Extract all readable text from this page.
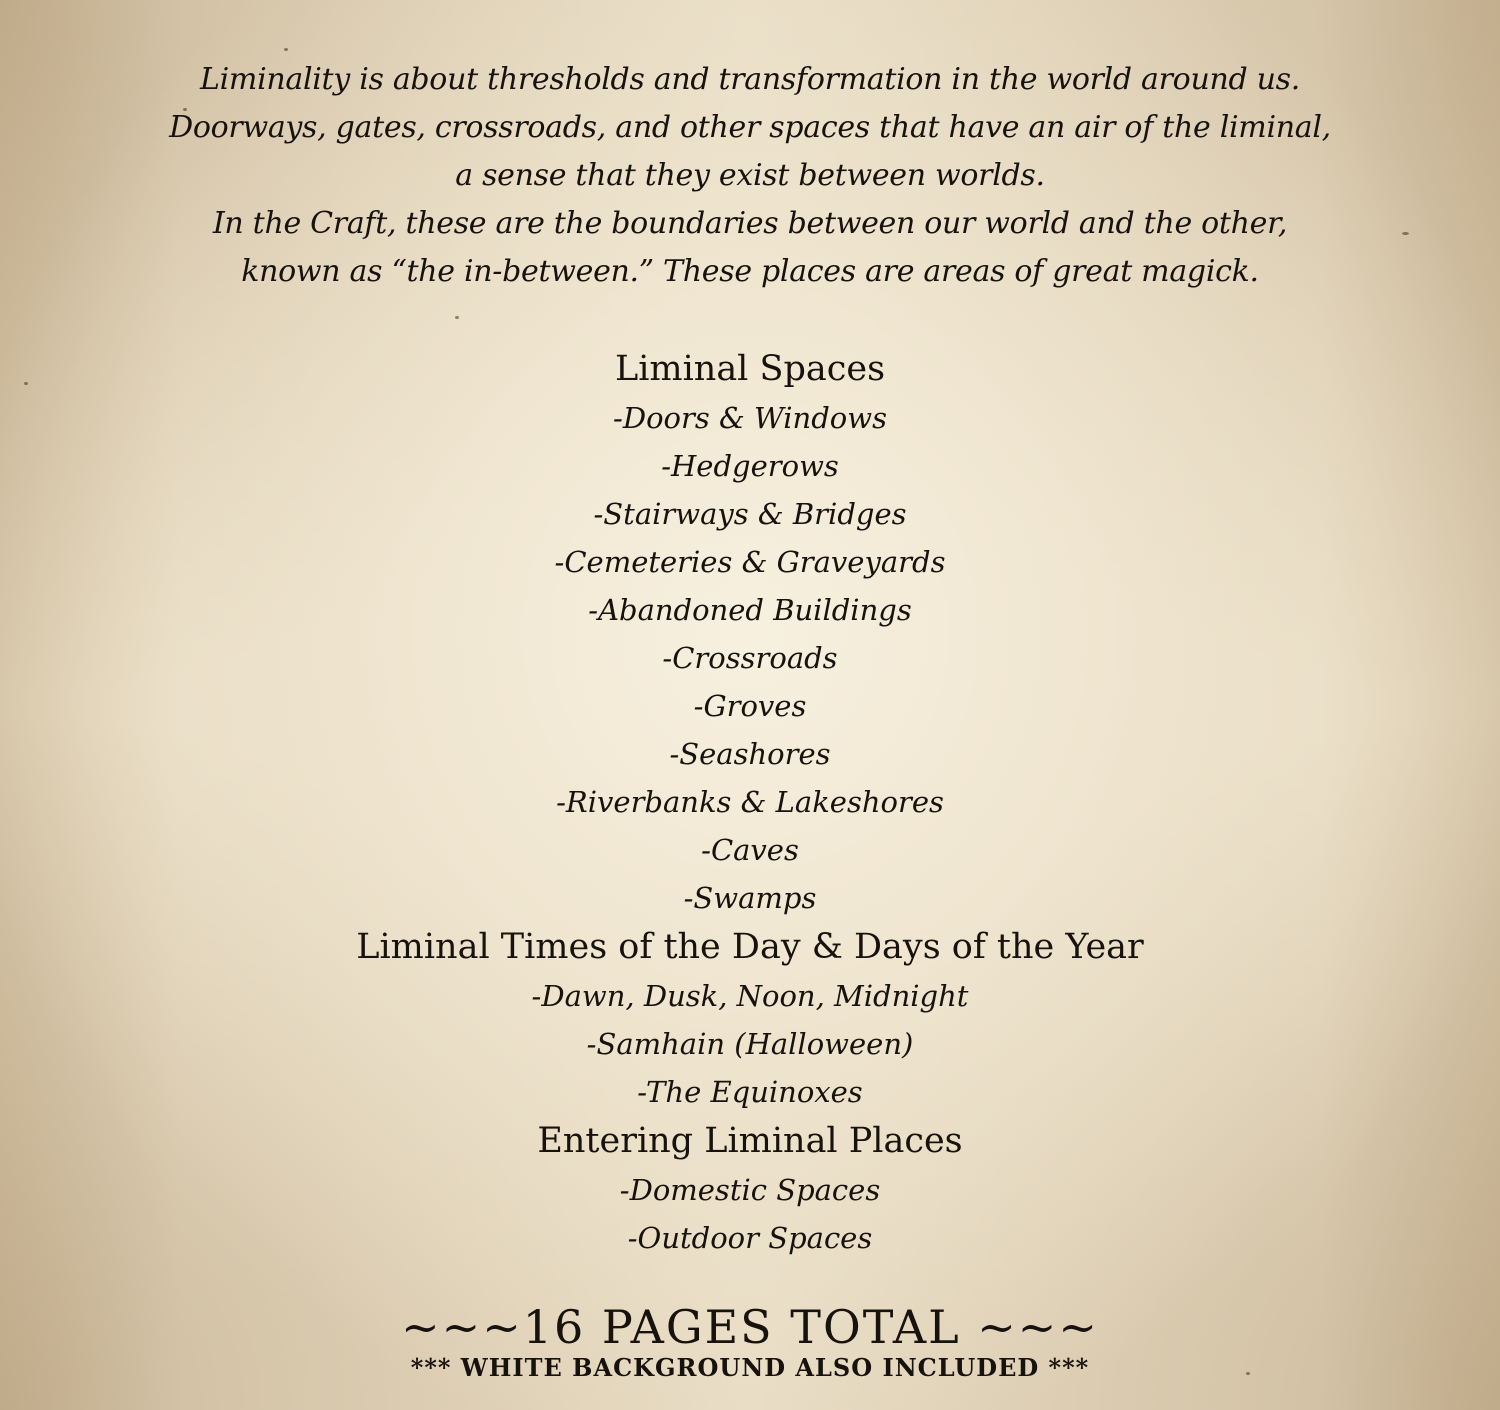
Liminality is about thresholds and transformation in the world around us.
Doorways, gates, crossroads, and other spaces that have an air of the liminal,
a sense that they exist between worlds.
In the Craft, these are the boundaries between our world and the other,
known as “the in-between.” These places are areas of great magick.
Liminal Spaces
-Doors & Windows
-Hedgerows
-Stairways & Bridges
-Cemeteries & Graveyards
-Abandoned Buildings
-Crossroads
-Groves
-Seashores
-Riverbanks & Lakeshores
-Caves
-Swamps
Liminal Times of the Day & Days of the Year
-Dawn, Dusk, Noon, Midnight
-Samhain (Halloween)
-The Equinoxes
Entering Liminal Places
-Domestic Spaces
-Outdoor Spaces
~~~16 PAGES TOTAL ~~~
*** WHITE BACKGROUND ALSO INCLUDED ***
